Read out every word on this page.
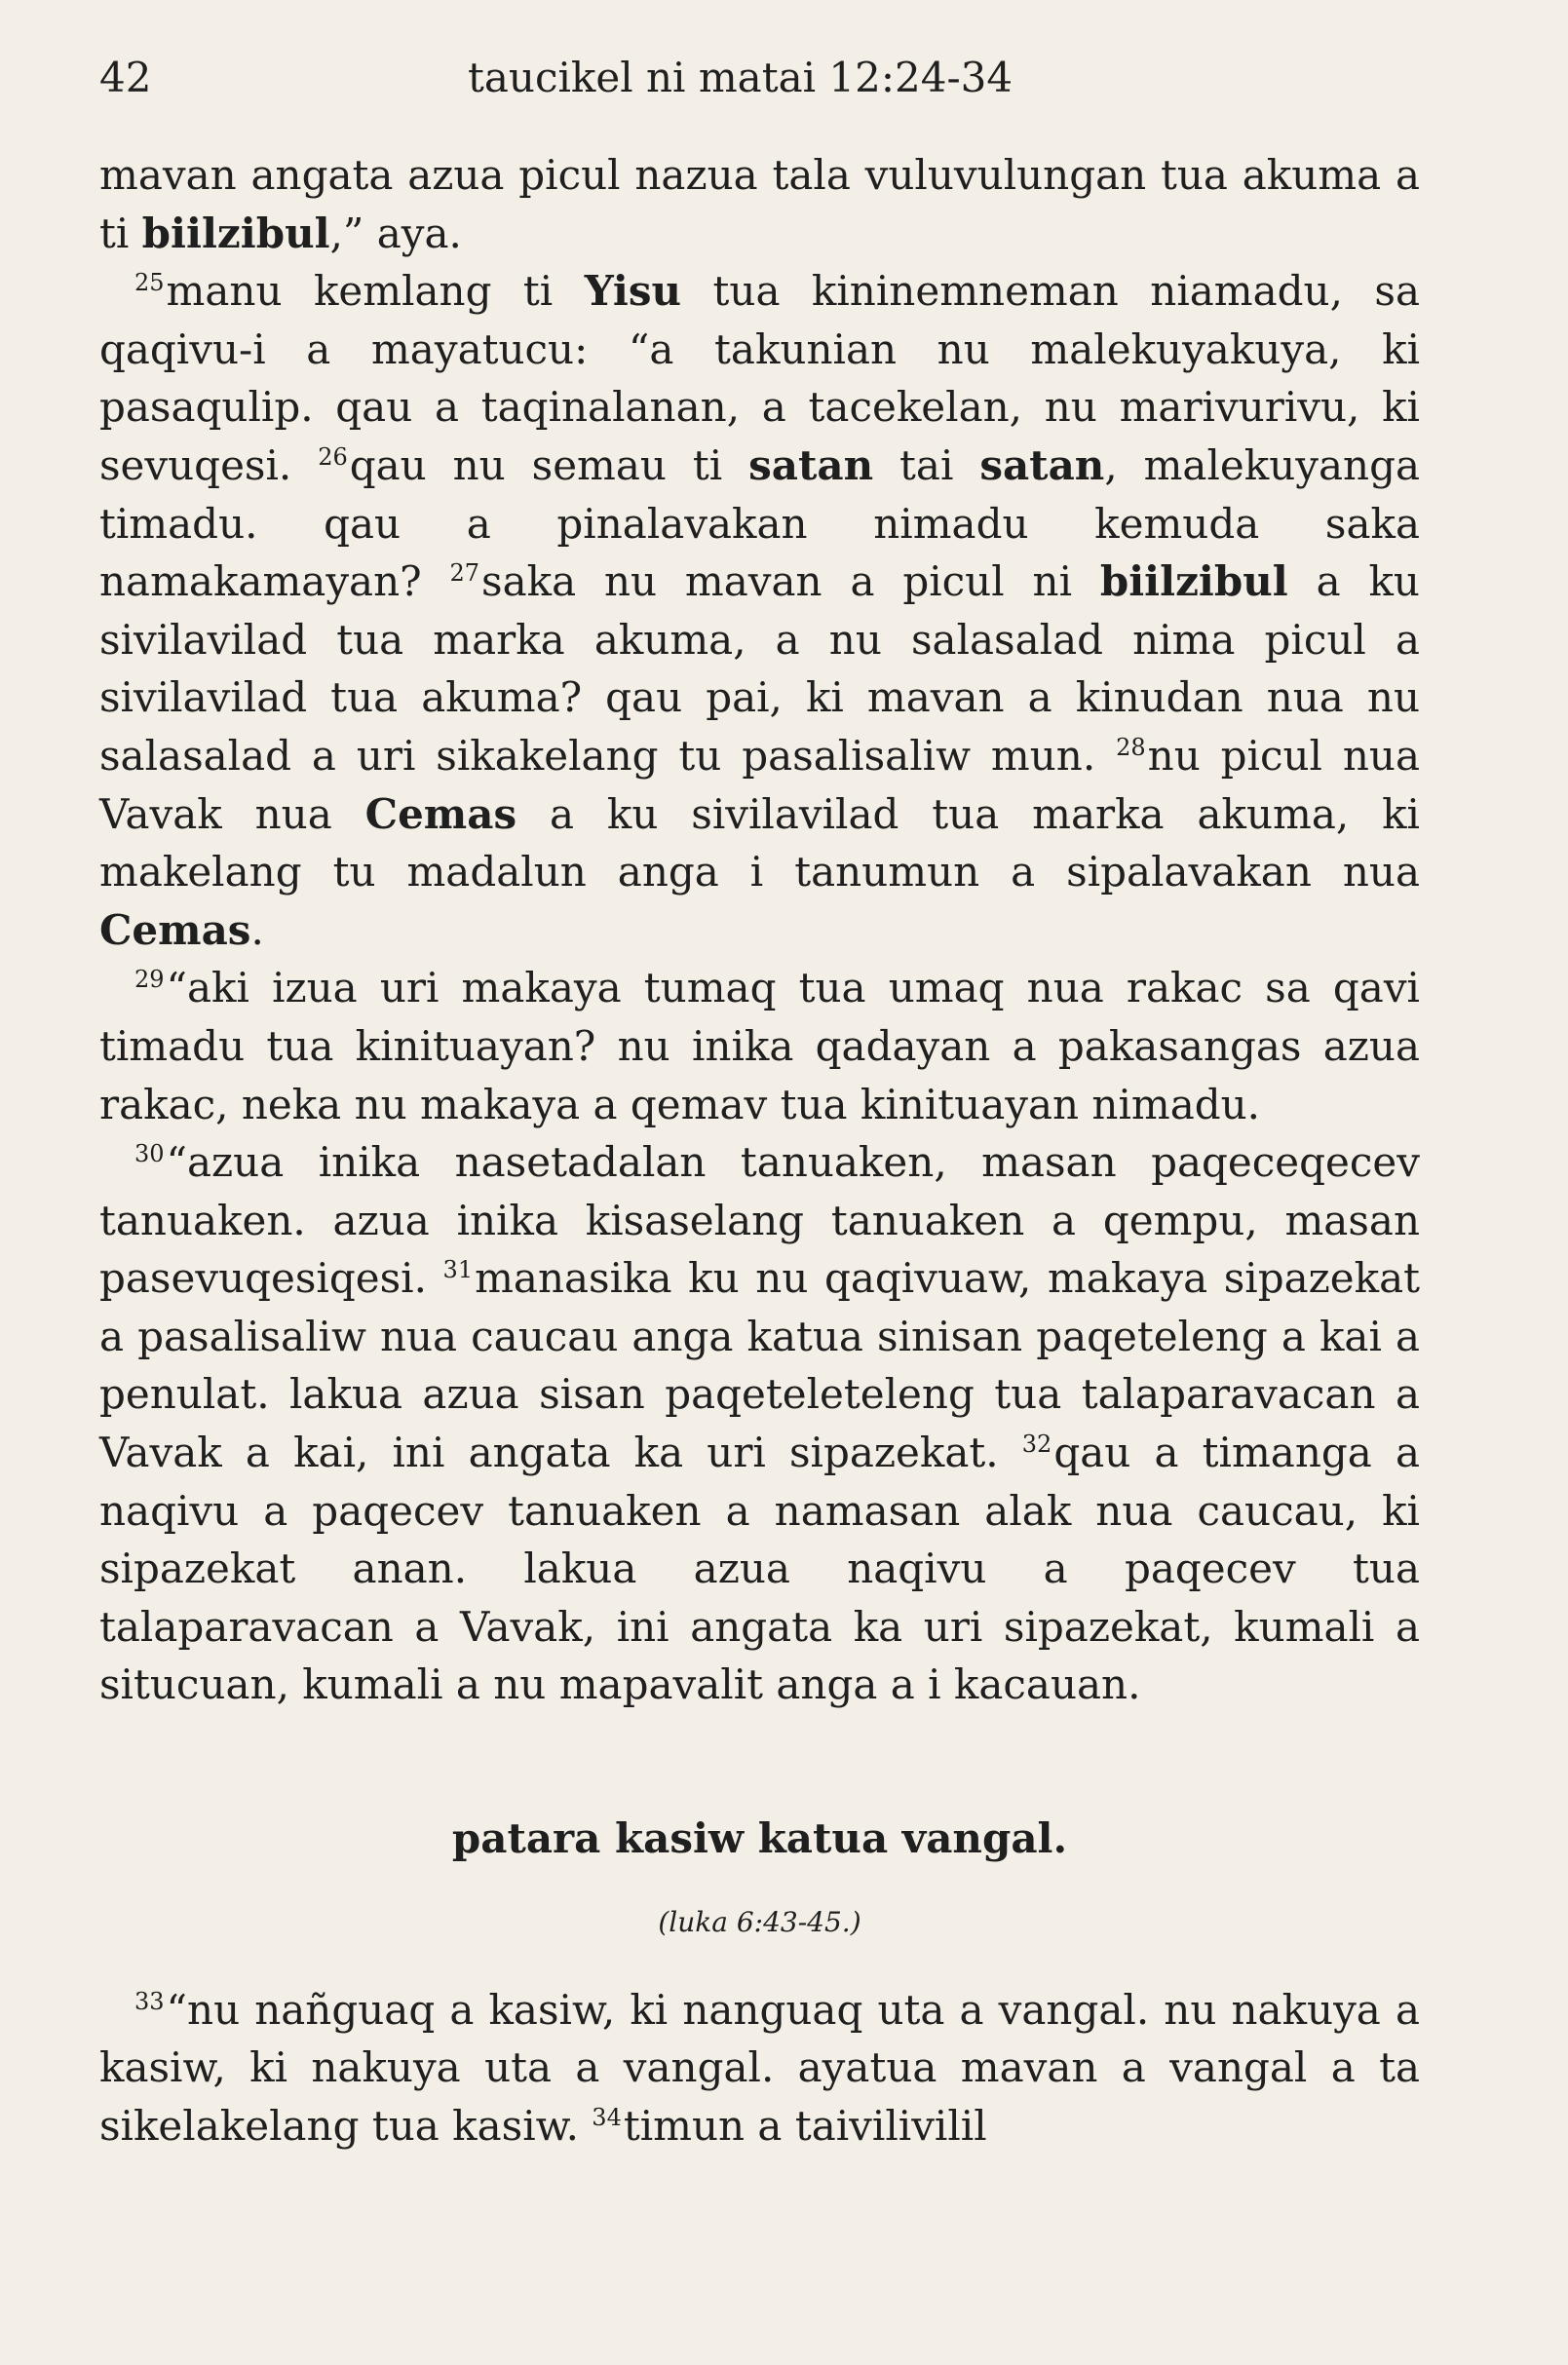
42	taucikel ni matai 12:24-34

mavan angata azua picul nazua tala vuluvulungan tua akuma a ti biilzibul,” aya.

$^{25}$manu kemlang ti Yisu tua kininemneman niamadu, sa qaqivu-i a mayatucu: “a takunian nu malekuyakuya, ki pasaqulip. qau a taqinalanan, a tacekelan, nu marivurivu, ki sevuqesi. $^{26}$qau nu semau ti satan tai satan, malekuyanga timadu. qau a pinalavakan nimadu kemuda saka namakamayan? $^{27}$saka nu mavan a picul ni biilzibul a ku sivilavilad tua marka akuma, a nu salasalad nima picul a sivilavilad tua akuma? qau pai, ki mavan a kinudan nua nu salasalad a uri sikakelang tu pasalisaliw mun. $^{28}$nu picul nua Vavak nua Cemas a ku sivilavilad tua marka akuma, ki makelang tu madalun anga i tanumun a sipalavakan nua Cemas.

$^{29}$“aki izua uri makaya tumaq tua umaq nua rakac sa qavi timadu tua kinituayan? nu inika qadayan a pakasangas azua rakac, neka nu makaya a qemav tua kinituayan nimadu.

$^{30}$“azua inika nasetadalan tanuaken, masan paqeceqecev tanuaken. azua inika kisaselang tanuaken a qempu, masan pasevuqesiqesi. $^{31}$manasika ku nu qaqivuaw, makaya sipazekat a pasalisaliw nua caucau anga katua sinisan paqeteleng a kai a penulat. lakua azua sisan paqeteleteleng tua talaparavacan a Vavak a kai, ini angata ka uri sipazekat. $^{32}$qau a timanga a naqivu a paqecev tanuaken a namasan alak nua caucau, ki sipazekat anan. lakua azua naqivu a paqecev tua talaparavacan a Vavak, ini angata ka uri sipazekat, kumali a situcuan, kumali a nu mapavalit anga a i kacauan.

patara kasiw katua vangal.

(luka 6:43-45.)

$^{33}$“nu nañguaq a kasiw, ki nanguaq uta a vangal. nu nakuya a kasiw, ki nakuya uta a vangal. ayatua mavan a vangal a ta sikelakelang tua kasiw. $^{34}$timun a taivilivilil
